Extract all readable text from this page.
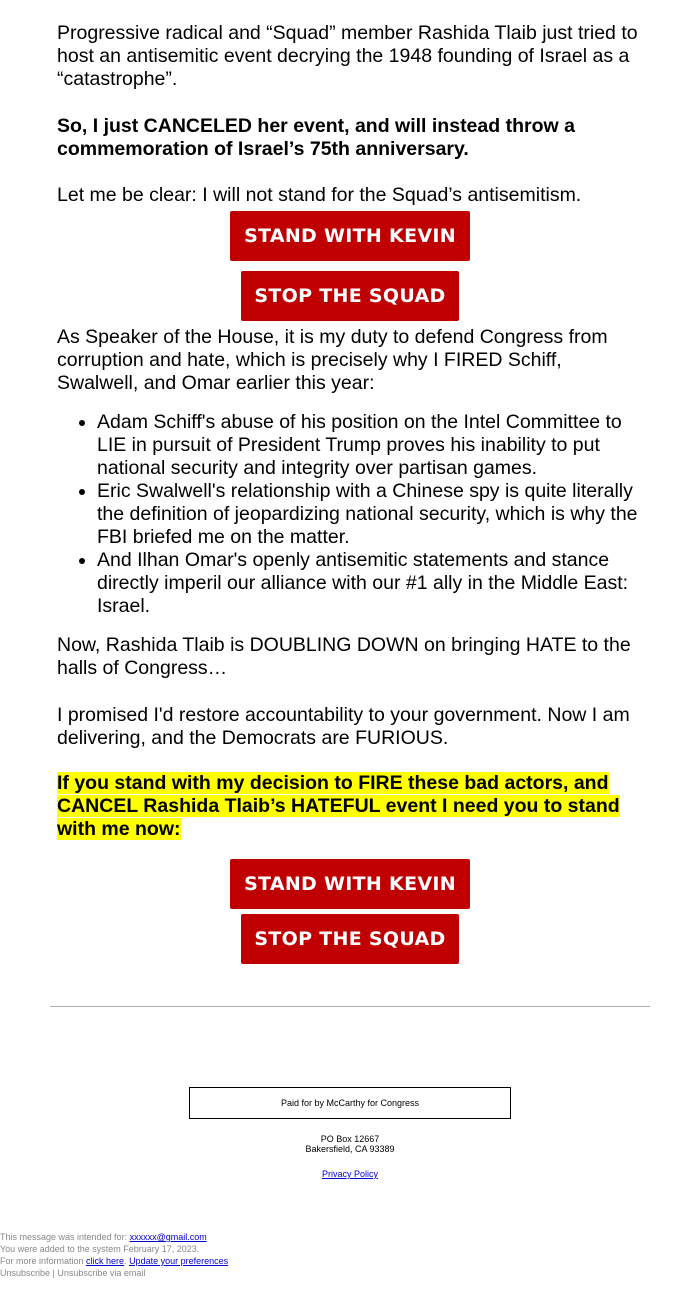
Progressive radical and “Squad” member Rashida Tlaib just tried to host an antisemitic event decrying the 1948 founding of Israel as a “catastrophe”.

So, I just CANCELED her event, and will instead throw a commemoration of Israel’s 75th anniversary.

Let me be clear: I will not stand for the Squad’s antisemitism.

As Speaker of the House, it is my duty to defend Congress from corruption and hate, which is precisely why I FIRED Schiff, Swalwell, and Omar earlier this year:

• Adam Schiff's abuse of his position on the Intel Committee to LIE in pursuit of President Trump proves his inability to put national security and integrity over partisan games.
• Eric Swalwell's relationship with a Chinese spy is quite literally the definition of jeopardizing national security, which is why the FBI briefed me on the matter.
• And Ilhan Omar's openly antisemitic statements and stance directly imperil our alliance with our #1 ally in the Middle East: Israel.

Now, Rashida Tlaib is DOUBLING DOWN on bringing HATE to the halls of Congress…

I promised I'd restore accountability to your government. Now I am delivering, and the Democrats are FURIOUS.

If you stand with my decision to FIRE these bad actors, and CANCEL Rashida Tlaib’s HATEFUL event I need you to stand with me now:

STAND WITH KEVIN
STOP THE SQUAD
STAND WITH KEVIN
STOP THE SQUAD
Paid for by McCarthy for Congress
PO Box 12667
Bakersfield, CA 93389
Privacy Policy
This message was intended for: xxxxxx@gmail.com
You were added to the system February 17, 2023.
For more information click here. Update your preferences
Unsubscribe | Unsubscribe via email
